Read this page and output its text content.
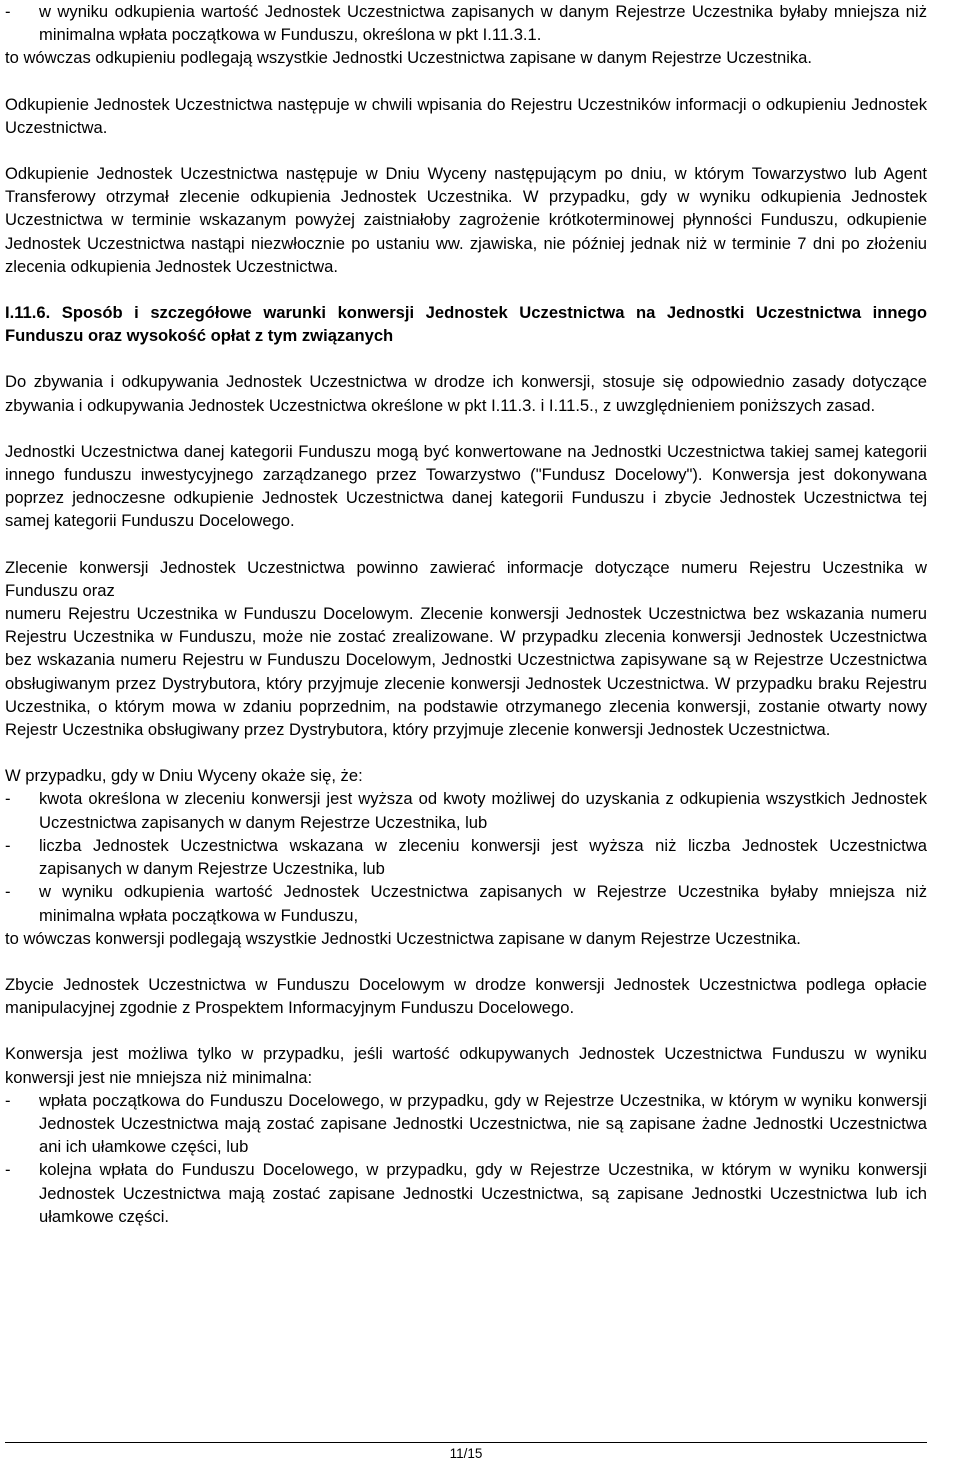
- w wyniku odkupienia wartość Jednostek Uczestnictwa zapisanych w danym Rejestrze Uczestnika byłaby mniejsza niż minimalna wpłata początkowa w Funduszu, określona w pkt I.11.3.1.

to wówczas odkupieniu podlegają wszystkie Jednostki Uczestnictwa zapisane w danym Rejestrze Uczestnika.

Odkupienie Jednostek Uczestnictwa następuje w chwili wpisania do Rejestru Uczestników informacji o odkupieniu Jednostek Uczestnictwa.

Odkupienie Jednostek Uczestnictwa następuje w Dniu Wyceny następującym po dniu, w którym Towarzystwo lub Agent Transferowy otrzymał zlecenie odkupienia Jednostek Uczestnika. W przypadku, gdy w wyniku odkupienia Jednostek Uczestnictwa w terminie wskazanym powyżej zaistniałoby zagrożenie krótkoterminowej płynności Funduszu, odkupienie Jednostek Uczestnictwa nastąpi niezwłocznie po ustaniu ww. zjawiska, nie później jednak niż w terminie 7 dni po złożeniu zlecenia odkupienia Jednostek Uczestnictwa.

I.11.6. Sposób i szczegółowe warunki konwersji Jednostek Uczestnictwa na Jednostki Uczestnictwa innego Funduszu oraz wysokość opłat z tym związanych

Do zbywania i odkupywania Jednostek Uczestnictwa w drodze ich konwersji, stosuje się odpowiednio zasady dotyczące zbywania i odkupywania Jednostek Uczestnictwa określone w pkt I.11.3. i I.11.5., z uwzględnieniem poniższych zasad.

Jednostki Uczestnictwa danej kategorii Funduszu mogą być konwertowane na Jednostki Uczestnictwa takiej samej kategorii innego funduszu inwestycyjnego zarządzanego przez Towarzystwo ("Fundusz Docelowy"). Konwersja jest dokonywana poprzez jednoczesne odkupienie Jednostek Uczestnictwa danej kategorii Funduszu i zbycie Jednostek Uczestnictwa tej samej kategorii Funduszu Docelowego.

Zlecenie konwersji Jednostek Uczestnictwa powinno zawierać informacje dotyczące numeru Rejestru Uczestnika w Funduszu oraz

numeru Rejestru Uczestnika w Funduszu Docelowym. Zlecenie konwersji Jednostek Uczestnictwa bez wskazania numeru Rejestru Uczestnika w Funduszu, może nie zostać zrealizowane. W przypadku zlecenia konwersji Jednostek Uczestnictwa bez wskazania numeru Rejestru w Funduszu Docelowym, Jednostki Uczestnictwa zapisywane są w Rejestrze Uczestnictwa obsługiwanym przez Dystrybutora, który przyjmuje zlecenie konwersji Jednostek Uczestnictwa. W przypadku braku Rejestru Uczestnika, o którym mowa w zdaniu poprzednim, na podstawie otrzymanego zlecenia konwersji, zostanie otwarty nowy Rejestr Uczestnika obsługiwany przez Dystrybutora, który przyjmuje zlecenie konwersji Jednostek Uczestnictwa.

W przypadku, gdy w Dniu Wyceny okaże się, że:

- kwota określona w zleceniu konwersji jest wyższa od kwoty możliwej do uzyskania z odkupienia wszystkich Jednostek Uczestnictwa zapisanych w danym Rejestrze Uczestnika, lub
- liczba Jednostek Uczestnictwa wskazana w zleceniu konwersji jest wyższa niż liczba Jednostek Uczestnictwa zapisanych w danym Rejestrze Uczestnika, lub
- w wyniku odkupienia wartość Jednostek Uczestnictwa zapisanych w Rejestrze Uczestnika byłaby mniejsza niż minimalna wpłata początkowa w Funduszu,

to wówczas konwersji podlegają wszystkie Jednostki Uczestnictwa zapisane w danym Rejestrze Uczestnika.

Zbycie Jednostek Uczestnictwa w Funduszu Docelowym w drodze konwersji Jednostek Uczestnictwa podlega opłacie manipulacyjnej zgodnie z Prospektem Informacyjnym Funduszu Docelowego.

Konwersja jest możliwa tylko w przypadku, jeśli wartość odkupywanych Jednostek Uczestnictwa Funduszu w wyniku konwersji jest nie mniejsza niż minimalna:

- wpłata początkowa do Funduszu Docelowego, w przypadku, gdy w Rejestrze Uczestnika, w którym w wyniku konwersji Jednostek Uczestnictwa mają zostać zapisane Jednostki Uczestnictwa, nie są zapisane żadne Jednostki Uczestnictwa ani ich ułamkowe części, lub
- kolejna wpłata do Funduszu Docelowego, w przypadku, gdy w Rejestrze Uczestnika, w którym w wyniku konwersji Jednostek Uczestnictwa mają zostać zapisane Jednostki Uczestnictwa, są zapisane Jednostki Uczestnictwa lub ich ułamkowe części.
11/15
